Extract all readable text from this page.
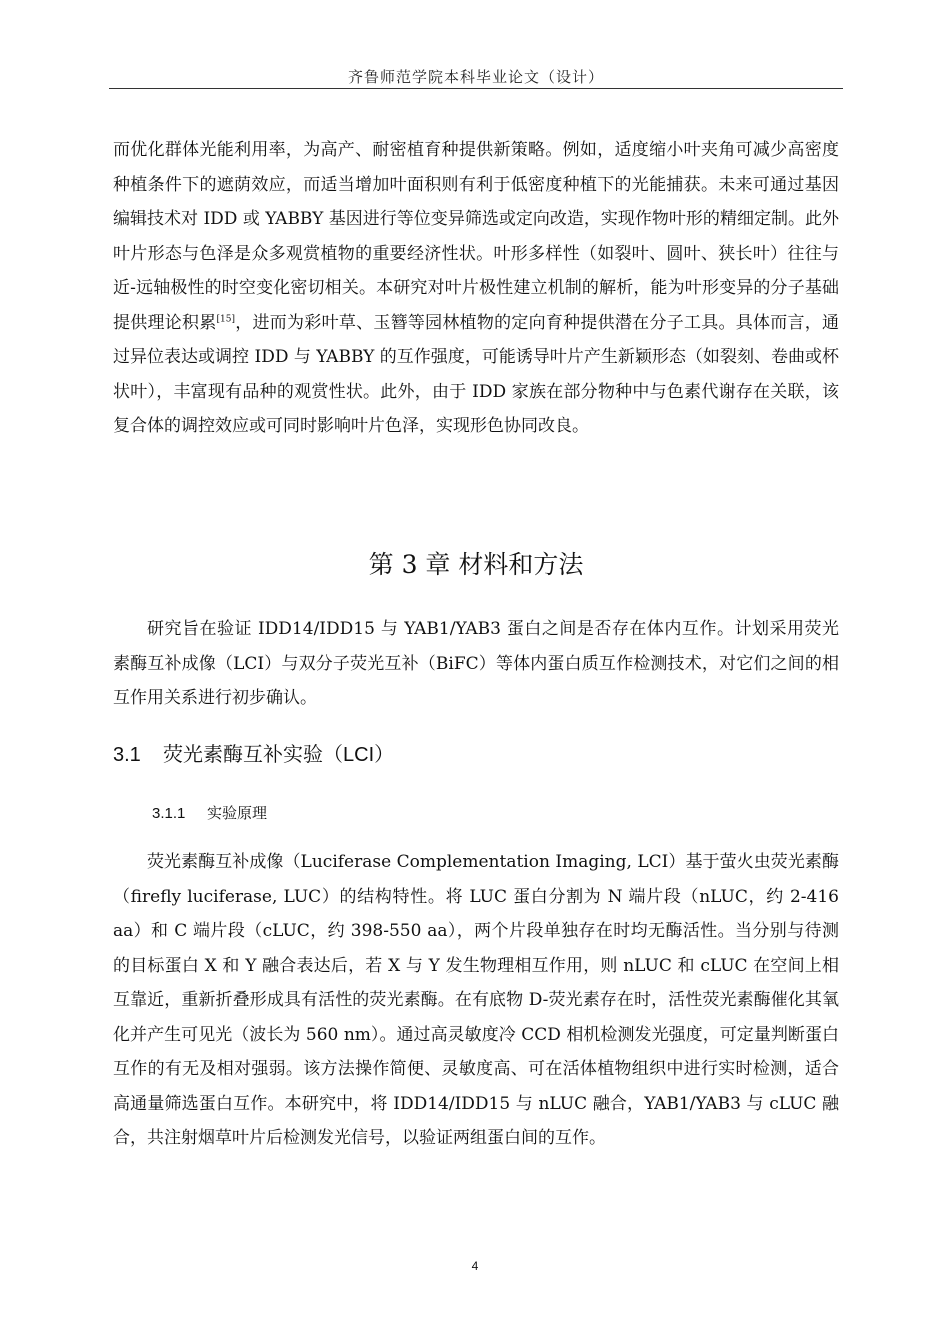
齐鲁师范学院本科毕业论文（设计）

而优化群体光能利用率，为高产、耐密植育种提供新策略。例如，适度缩小叶夹角可减少高密度种植条件下的遮荫效应，而适当增加叶面积则有利于低密度种植下的光能捕获。未来可通过基因编辑技术对 IDD 或 YABBY 基因进行等位变异筛选或定向改造，实现作物叶形的精细定制。此外叶片形态与色泽是众多观赏植物的重要经济性状。叶形多样性（如裂叶、圆叶、狭长叶）往往与近-远轴极性的时空变化密切相关。本研究对叶片极性建立机制的解析，能为叶形变异的分子基础提供理论积累[15]，进而为彩叶草、玉簪等园林植物的定向育种提供潜在分子工具。具体而言，通过异位表达或调控 IDD 与 YABBY 的互作强度，可能诱导叶片产生新颖形态（如裂刻、卷曲或杯状叶），丰富现有品种的观赏性状。此外，由于 IDD 家族在部分物种中与色素代谢存在关联，该复合体的调控效应或可同时影响叶片色泽，实现形色协同改良。

第 3 章 材料和方法

研究旨在验证 IDD14/IDD15 与 YAB1/YAB3 蛋白之间是否存在体内互作。计划采用荧光素酶互补成像（LCI）与双分子荧光互补（BiFC）等体内蛋白质互作检测技术，对它们之间的相互作用关系进行初步确认。

3.1 荧光素酶互补实验（LCI）
3.1.1 实验原理

荧光素酶互补成像（Luciferase Complementation Imaging, LCI）基于萤火虫荧光素酶（firefly luciferase, LUC）的结构特性。将 LUC 蛋白分割为 N 端片段（nLUC，约 2-416 aa）和 C 端片段（cLUC，约 398-550 aa），两个片段单独存在时均无酶活性。当分别与待测的目标蛋白 X 和 Y 融合表达后，若 X 与 Y 发生物理相互作用，则 nLUC 和 cLUC 在空间上相互靠近，重新折叠形成具有活性的荧光素酶。在有底物 D-荧光素存在时，活性荧光素酶催化其氧化并产生可见光（波长为 560 nm）。通过高灵敏度冷 CCD 相机检测发光强度，可定量判断蛋白互作的有无及相对强弱。该方法操作简便、灵敏度高、可在活体植物组织中进行实时检测，适合高通量筛选蛋白互作。本研究中，将 IDD14/IDD15 与 nLUC 融合，YAB1/YAB3 与 cLUC 融合，共注射烟草叶片后检测发光信号，以验证两组蛋白间的互作。

4
